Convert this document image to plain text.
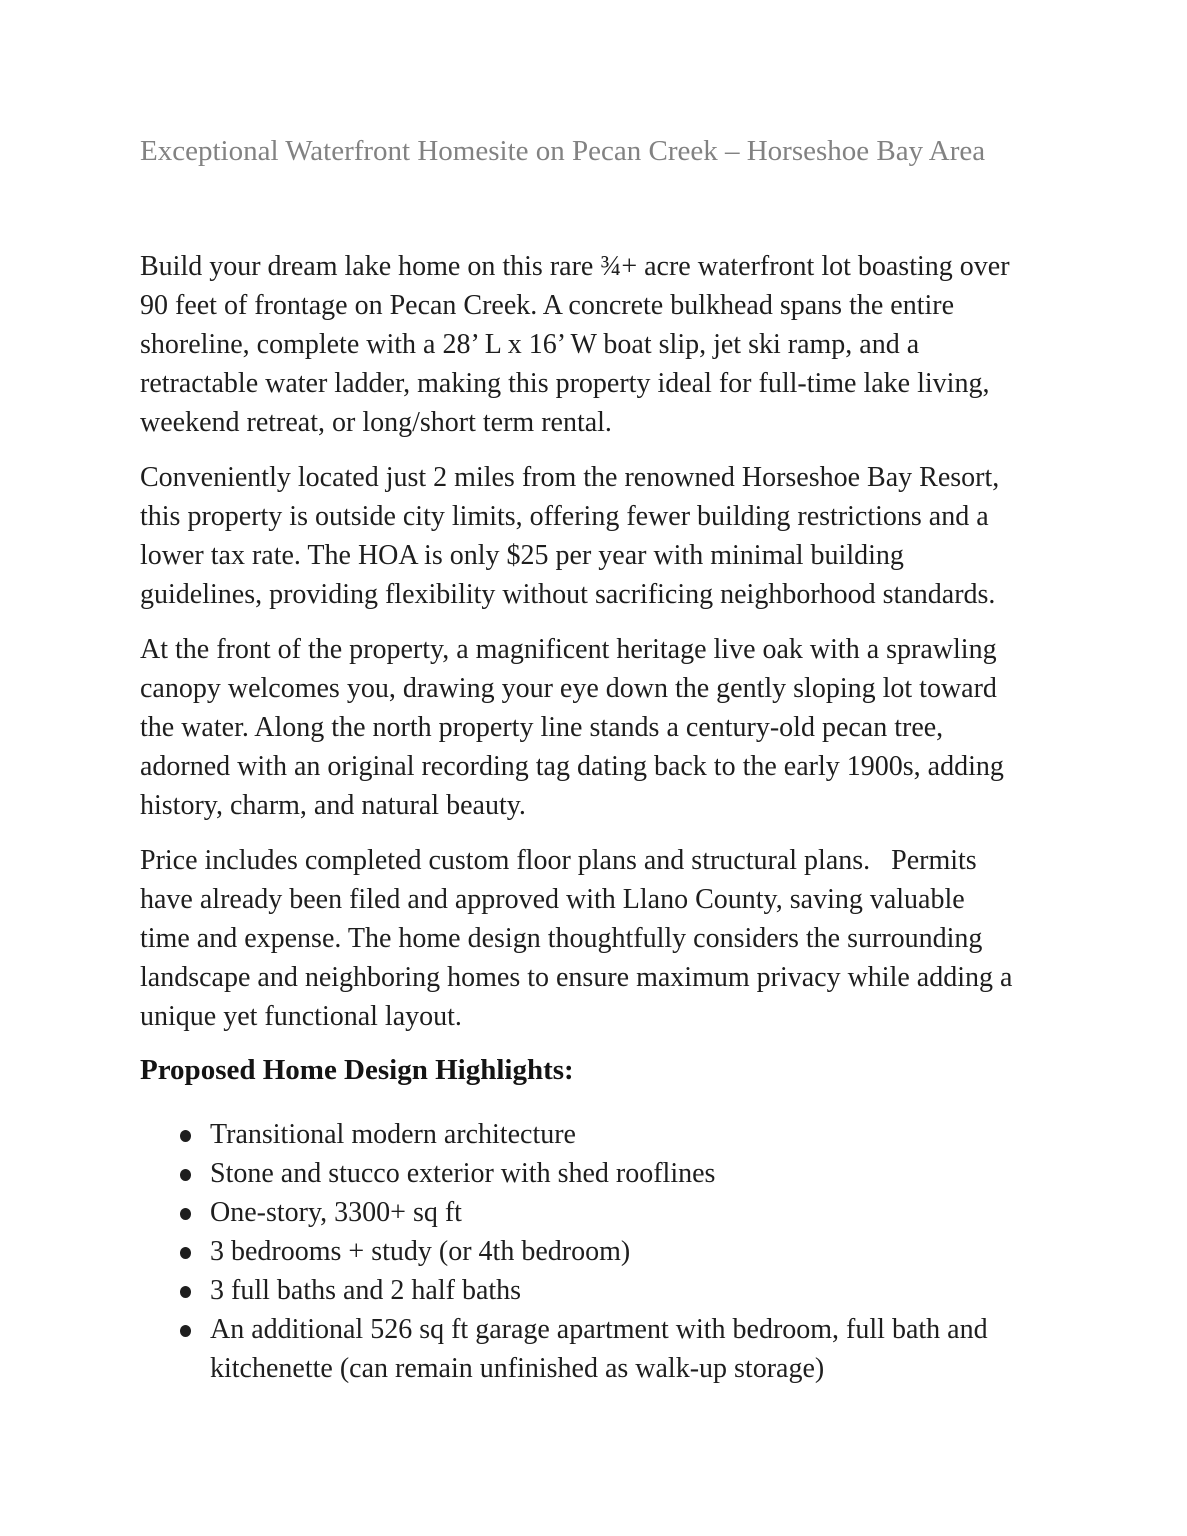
Exceptional Waterfront Homesite on Pecan Creek – Horseshoe Bay Area
Build your dream lake home on this rare ¾+ acre waterfront lot boasting over
90 feet of frontage on Pecan Creek. A concrete bulkhead spans the entire
shoreline, complete with a 28’ L x 16’ W boat slip, jet ski ramp, and a
retractable water ladder, making this property ideal for full-time lake living,
weekend retreat, or long/short term rental.
Conveniently located just 2 miles from the renowned Horseshoe Bay Resort,
this property is outside city limits, offering fewer building restrictions and a
lower tax rate. The HOA is only $25 per year with minimal building
guidelines, providing flexibility without sacrificing neighborhood standards.
At the front of the property, a magnificent heritage live oak with a sprawling
canopy welcomes you, drawing your eye down the gently sloping lot toward
the water. Along the north property line stands a century-old pecan tree,
adorned with an original recording tag dating back to the early 1900s, adding
history, charm, and natural beauty.
Price includes completed custom floor plans and structural plans.   Permits
have already been filed and approved with Llano County, saving valuable
time and expense. The home design thoughtfully considers the surrounding
landscape and neighboring homes to ensure maximum privacy while adding a
unique yet functional layout.
Proposed Home Design Highlights:
Transitional modern architecture
Stone and stucco exterior with shed rooflines
One-story, 3300+ sq ft
3 bedrooms + study (or 4th bedroom)
3 full baths and 2 half baths
An additional 526 sq ft garage apartment with bedroom, full bath and
kitchenette (can remain unfinished as walk-up storage)
